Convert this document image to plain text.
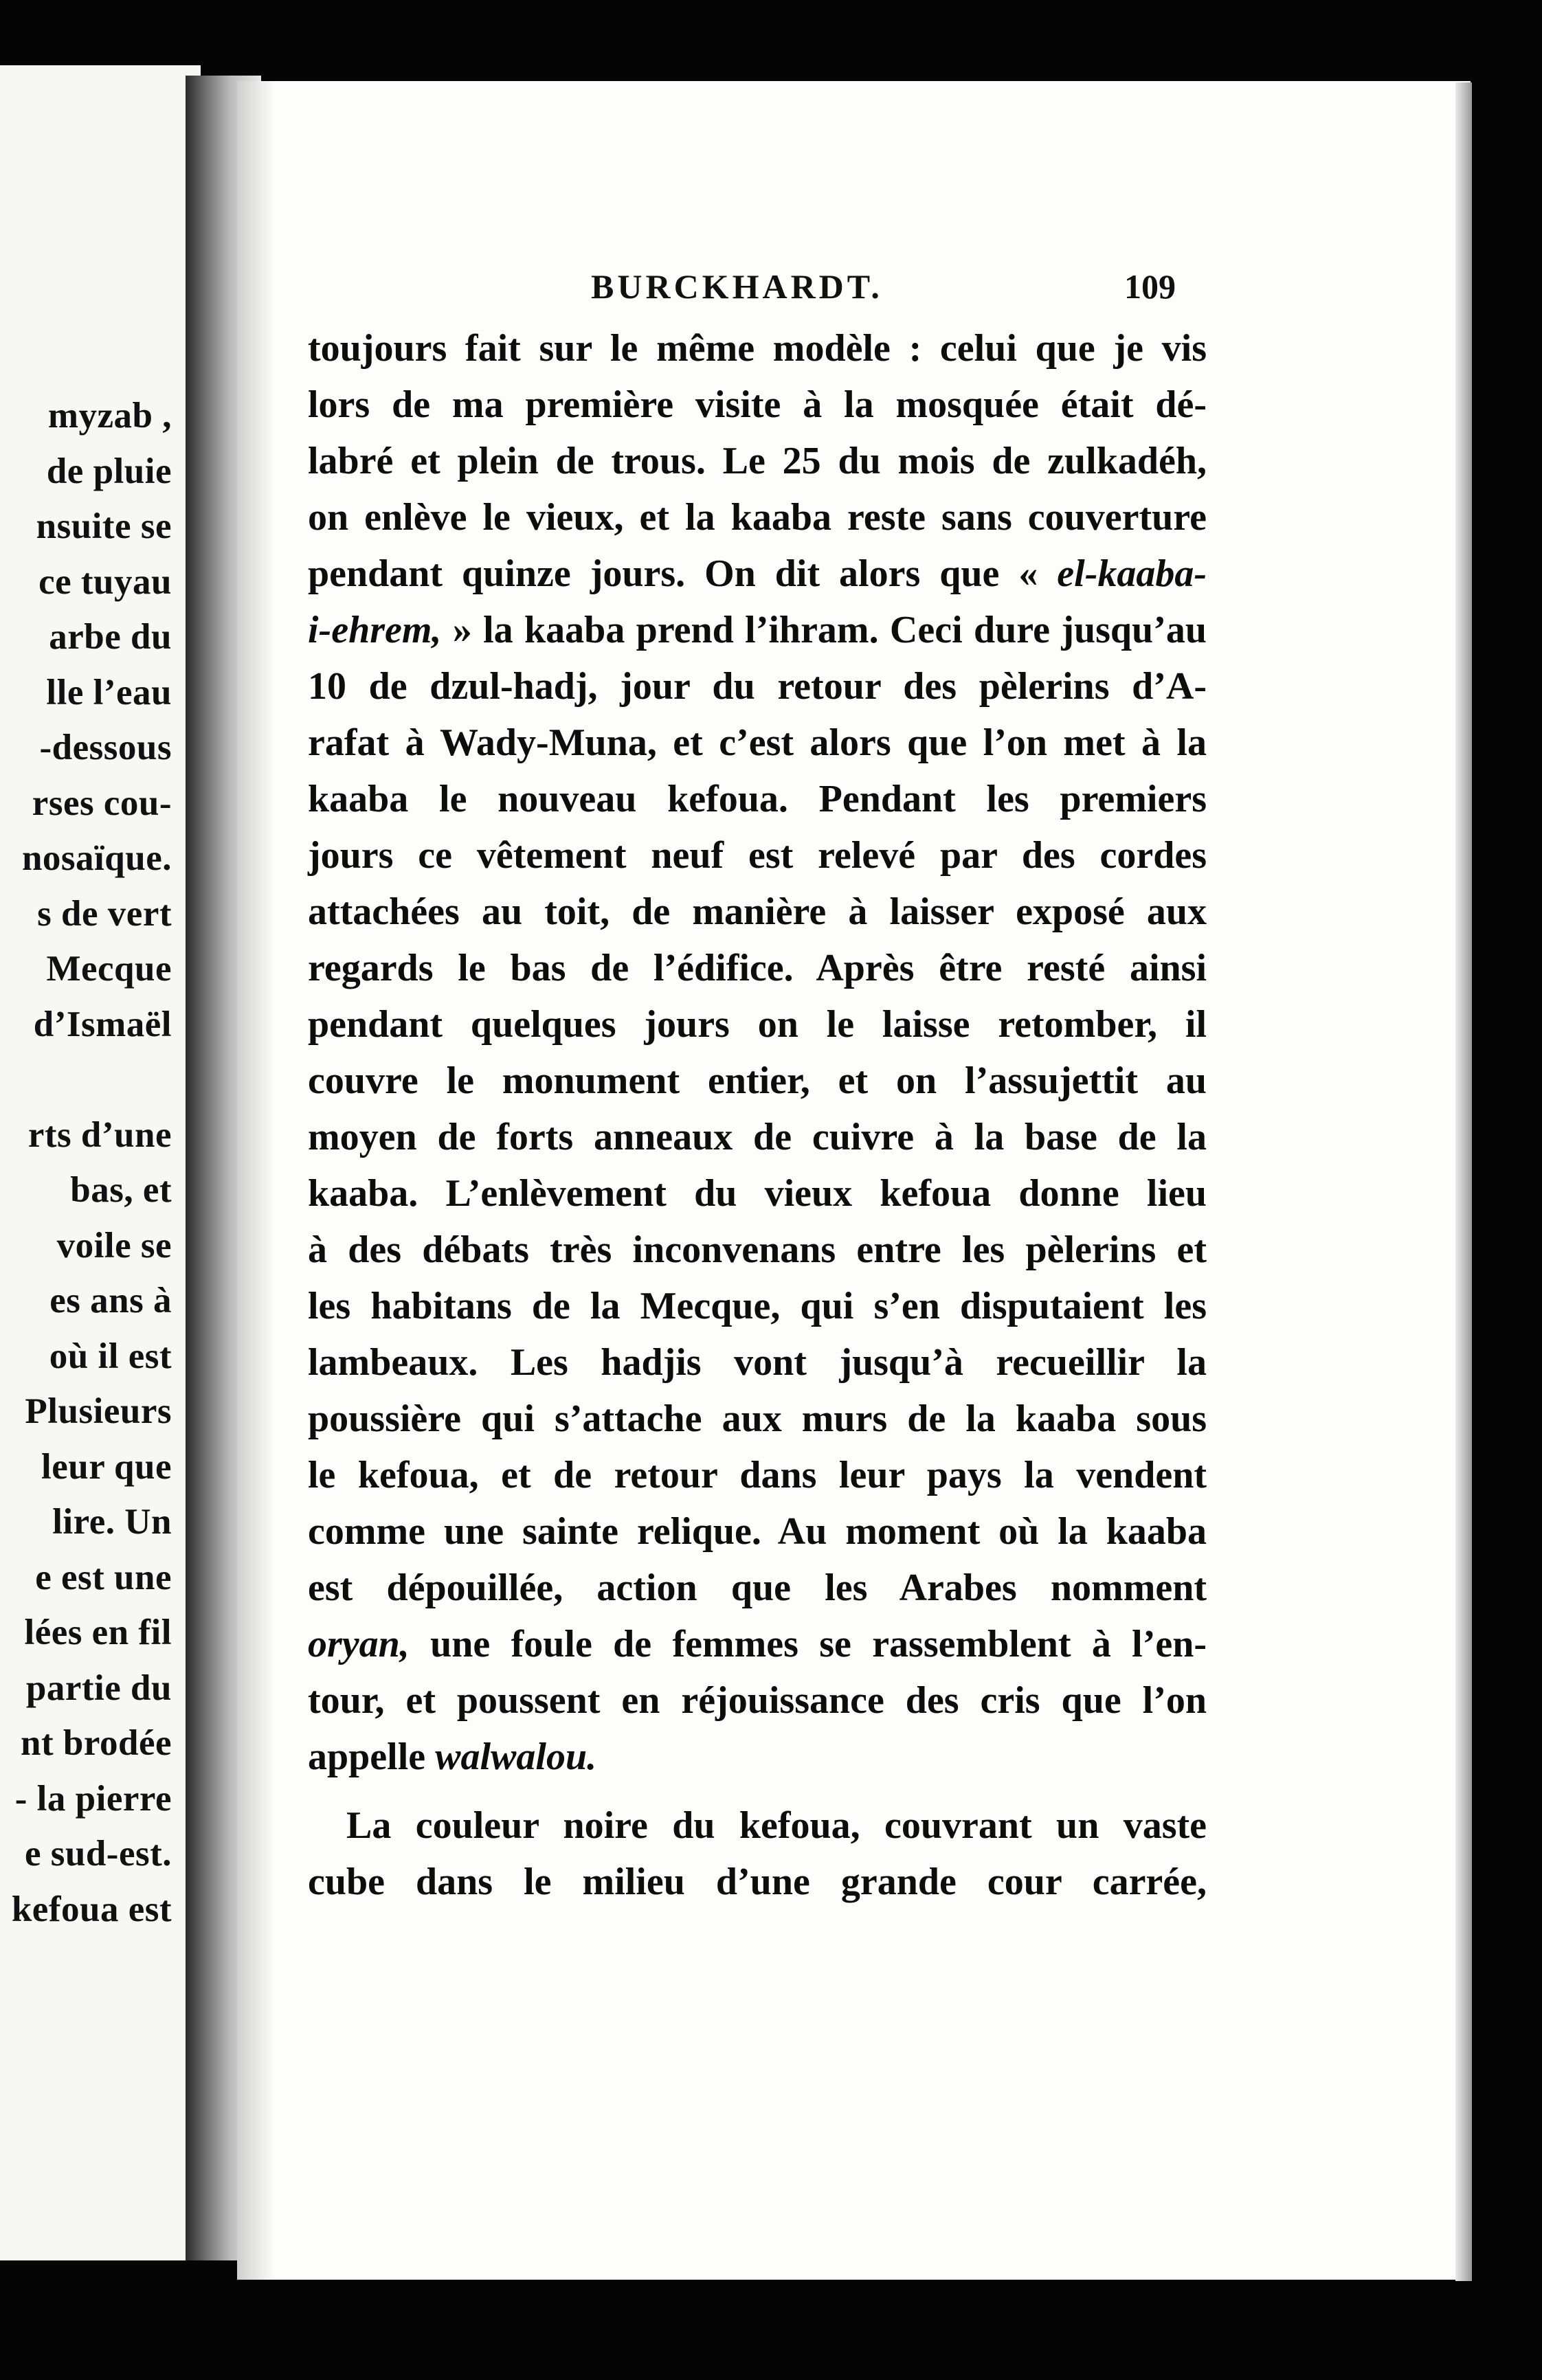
myzab ,
de pluie
nsuite se
ce tuyau
arbe du
lle l’eau
-dessous
rses cou-
nosaïque.
s de vert
Mecque
d’Ismaël

rts d’une
bas, et
voile se
es ans à
où il est
Plusieurs
leur que
lire. Un
e est une
lées en fil
partie du
nt brodée
- la pierre
e sud-est.
kefoua est
BURCKHARDT.	109
toujours fait sur le même modèle : celui que je vis
lors de ma première visite à la mosquée était dé-
labré et plein de trous. Le 25 du mois de zulkadéh,
on enlève le vieux, et la kaaba reste sans couverture
pendant quinze jours. On dit alors que « el-kaaba-
i-ehrem, » la kaaba prend l’ihram. Ceci dure jusqu’au
10 de dzul-hadj, jour du retour des pèlerins d’A-
rafat à Wady-Muna, et c’est alors que l’on met à la
kaaba le nouveau kefoua. Pendant les premiers
jours ce vêtement neuf est relevé par des cordes
attachées au toit, de manière à laisser exposé aux
regards le bas de l’édifice. Après être resté ainsi
pendant quelques jours on le laisse retomber, il
couvre le monument entier, et on l’assujettit au
moyen de forts anneaux de cuivre à la base de la
kaaba. L’enlèvement du vieux kefoua donne lieu
à des débats très inconvenans entre les pèlerins et
les habitans de la Mecque, qui s’en disputaient les
lambeaux. Les hadjis vont jusqu’à recueillir la
poussière qui s’attache aux murs de la kaaba sous
le kefoua, et de retour dans leur pays la vendent
comme une sainte relique. Au moment où la kaaba
est dépouillée, action que les Arabes nomment
oryan, une foule de femmes se rassemblent à l’en-
tour, et poussent en réjouissance des cris que l’on
appelle walwalou.
La couleur noire du kefoua, couvrant un vaste
cube dans le milieu d’une grande cour carrée,
